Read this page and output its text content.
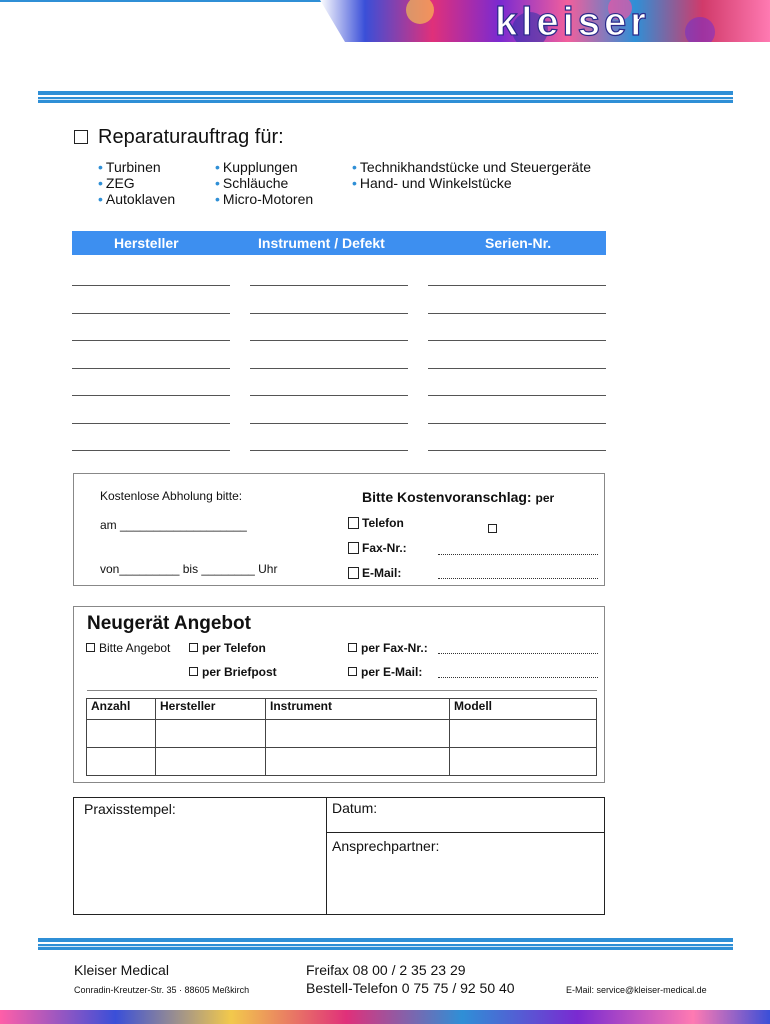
kleiser
Reparaturauftrag für:
• Turbinen
• ZEG
• Autoklaven
• Kupplungen
• Schläuche
• Micro-Motoren
• Technikhandstücke und Steuergeräte
• Hand- und Winkelstücke
Hersteller	Instrument / Defekt	Serien-Nr.
Kostenlose Abholung bitte:
am ___________________
von_________ bis ________ Uhr
Bitte Kostenvoranschlag: per
Telefon
Fax-Nr.:
E-Mail:
Neugerät Angebot
Bitte Angebot	per Telefon
per Briefpost
per Fax-Nr.:
per E-Mail:
Anzahl	Hersteller	Instrument	Modell

Praxisstempel:	Datum:
Ansprechpartner:
Kleiser Medical
Conradin-Kreutzer-Str. 35 · 88605 Meßkirch
Freifax 08 00 / 2 35 23 29
Bestell-Telefon 0 75 75 / 92 50 40	E-Mail: service@kleiser-medical.de
